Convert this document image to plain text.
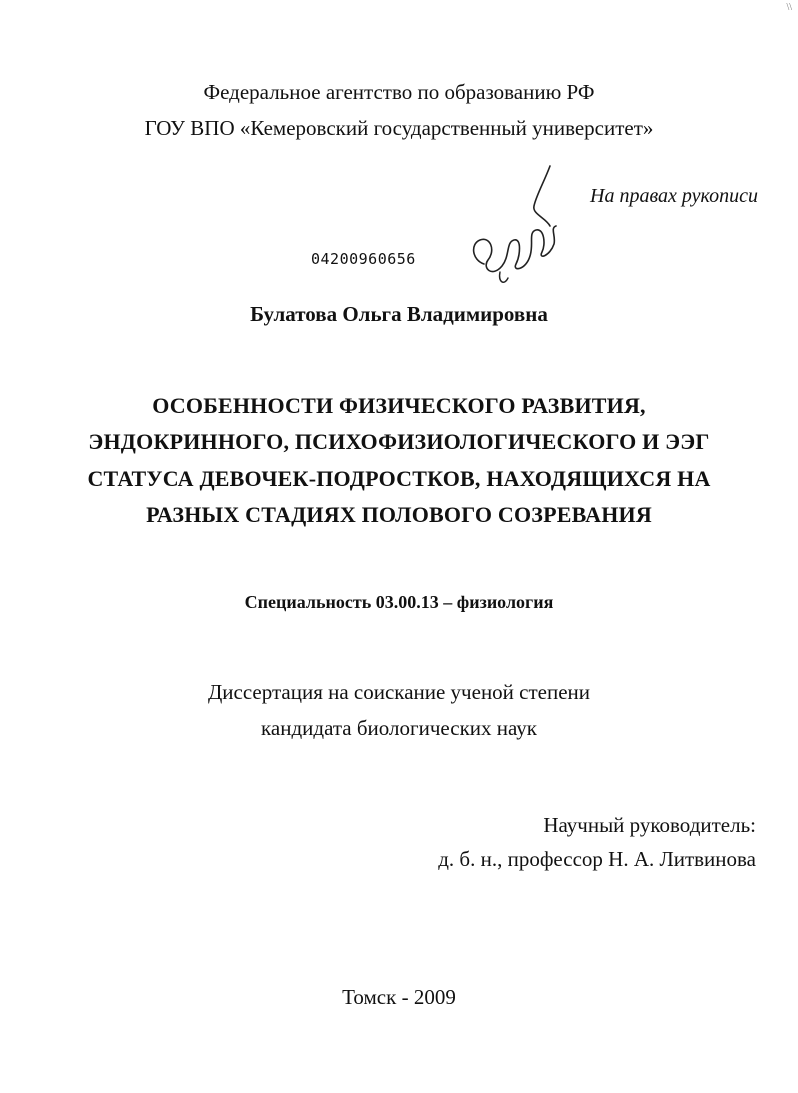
\\
Федеральное агентство по образованию РФ
ГОУ ВПО «Кемеровский государственный университет»
На правах рукописи
04200960656
Булатова Ольга Владимировна
ОСОБЕННОСТИ ФИЗИЧЕСКОГО РАЗВИТИЯ,
ЭНДОКРИННОГО, ПСИХОФИЗИОЛОГИЧЕСКОГО И ЭЭГ
СТАТУСА ДЕВОЧЕК-ПОДРОСТКОВ, НАХОДЯЩИХСЯ НА
РАЗНЫХ СТАДИЯХ ПОЛОВОГО СОЗРЕВАНИЯ
Специальность 03.00.13 – физиология
Диссертация на соискание ученой степени
кандидата биологических наук
Научный руководитель:
д. б. н., профессор Н. А. Литвинова
Томск - 2009
